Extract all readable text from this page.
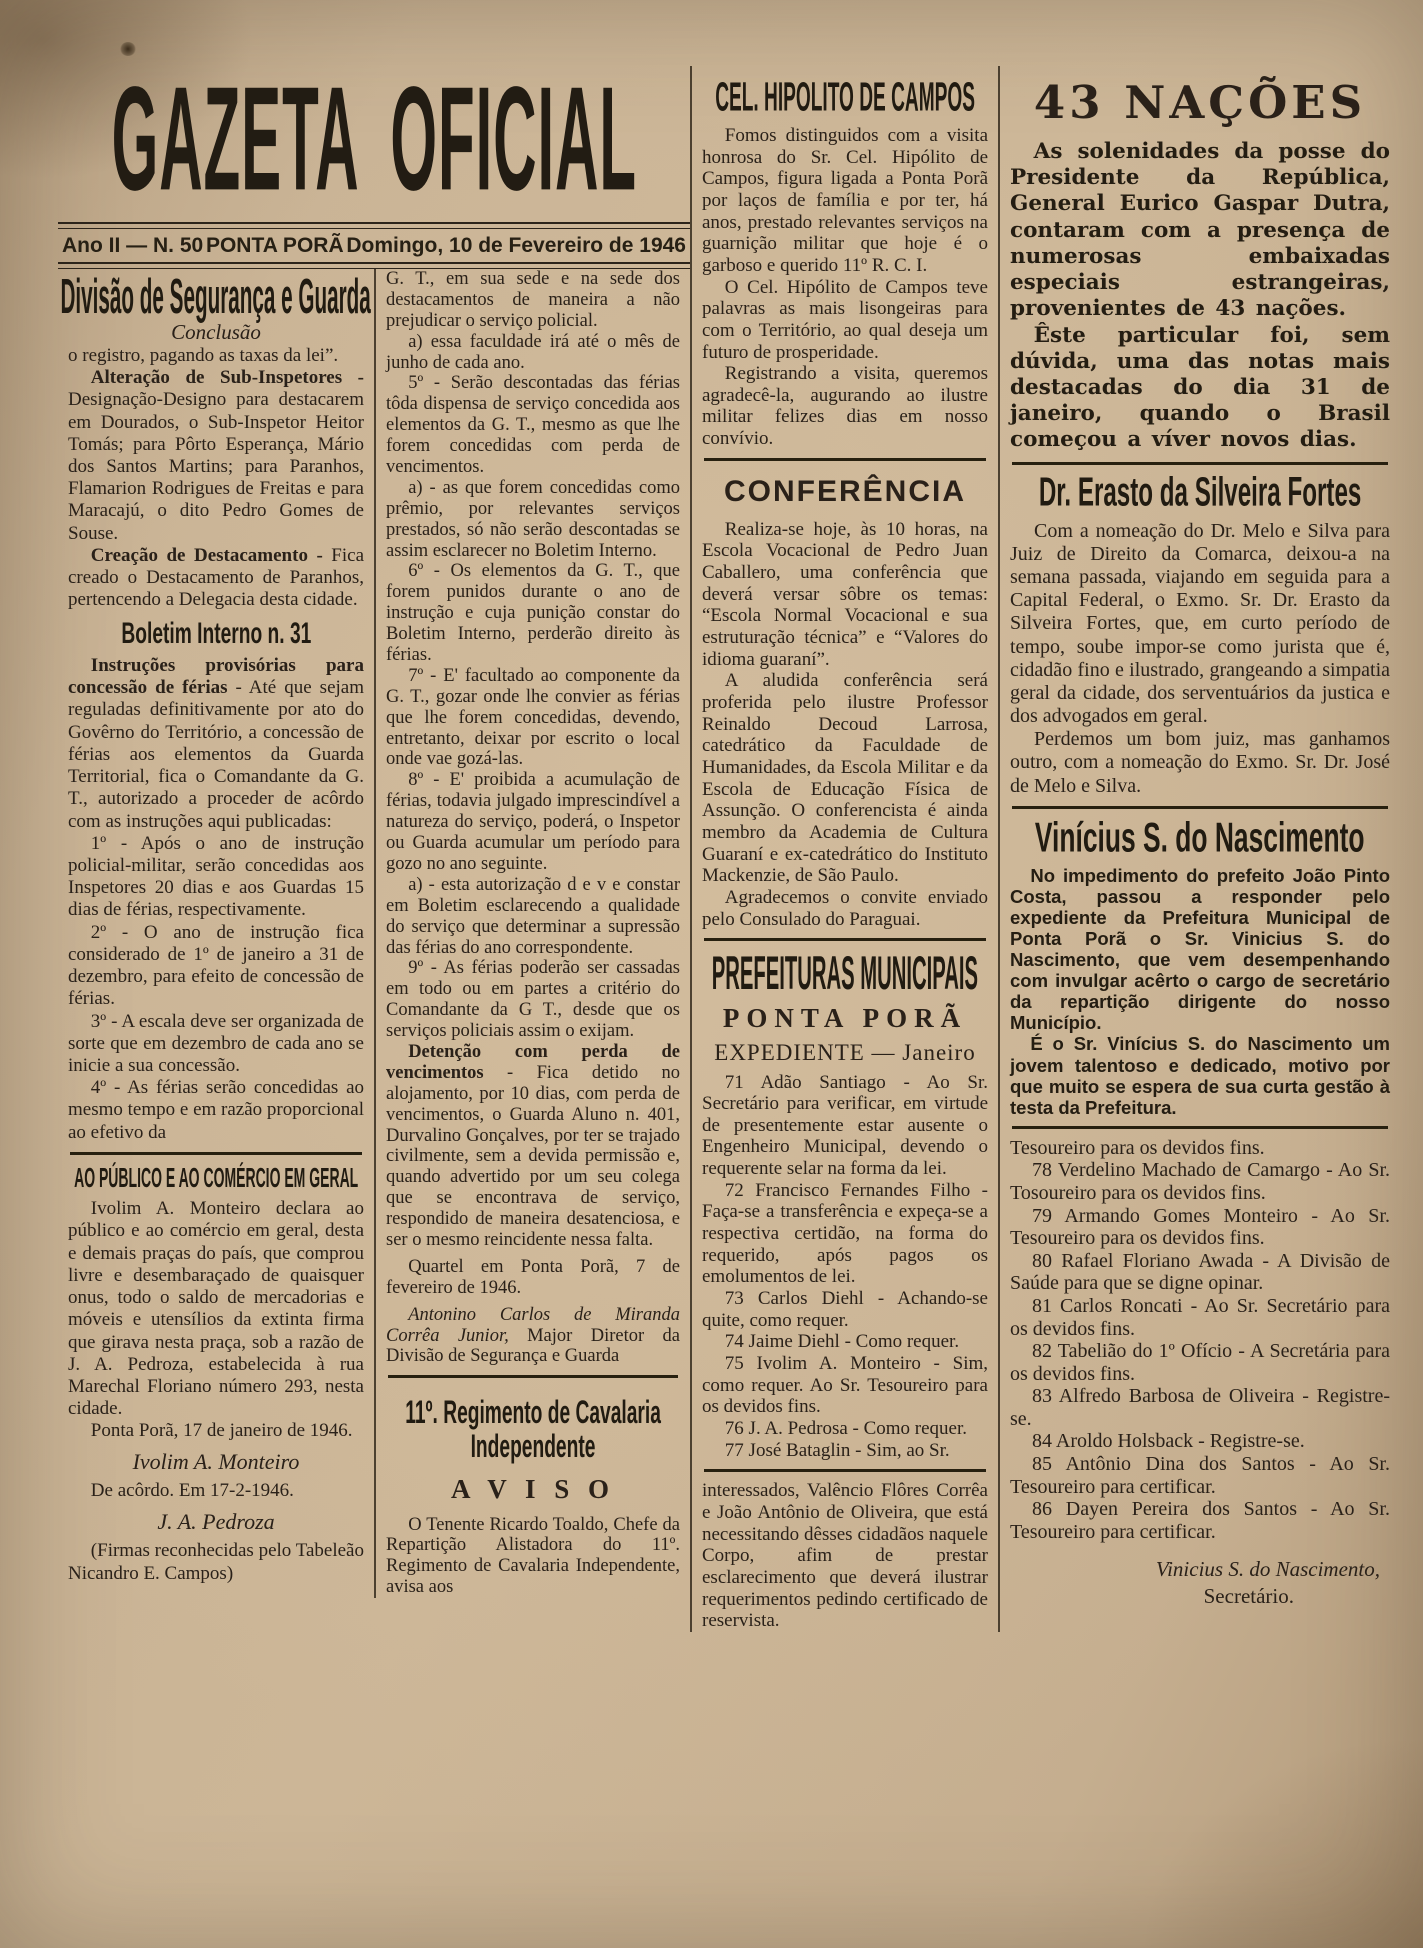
GAZETA OFICIAL
Ano II — N. 50 PONTA PORÃ Domingo, 10 de Fevereiro de 1946
Divisão de Segurança e Guarda

Conclusão

o registro, pagando as taxas da lei”.

Alteração de Sub-Inspetores - Designação-Designo para destacarem em Dourados, o Sub-Inspetor Heitor Tomás; para Pôrto Esperança, Mário dos Santos Martins; para Paranhos, Flamarion Rodrigues de Freitas e para Maracajú, o dito Pedro Gomes de Souse.

Creação de Destacamento - Fica creado o Destacamento de Paranhos, pertencendo a Delegacia desta cidade.

Boletim Interno n. 31

Instruções provisórias para concessão de férias - Até que sejam reguladas definitivamente por ato do Govêrno do Território, a concessão de férias aos elementos da Guarda Territorial, fica o Comandante da G. T., autorizado a proceder de acôrdo com as instruções aqui publicadas:

1º - Após o ano de instrução policial-militar, serão concedidas aos Inspetores 20 dias e aos Guardas 15 dias de férias, respectivamente.

2º - O ano de instrução fica considerado de 1º de janeiro a 31 de dezembro, para efeito de concessão de férias.

3º - A escala deve ser organizada de sorte que em dezembro de cada ano se inicie a sua concessão.

4º - As férias serão concedidas ao mesmo tempo e em razão proporcional ao efetivo da

AO PÚBLICO E AO COMÉRCIO EM GERAL

Ivolim A. Monteiro declara ao público e ao comércio em geral, desta e demais praças do país, que comprou livre e desembaraçado de quaisquer onus, todo o saldo de mercadorias e móveis e utensílios da extinta firma que girava nesta praça, sob a razão de J. A. Pedroza, estabelecida à rua Marechal Floriano número 293, nesta cidade.

Ponta Porã, 17 de janeiro de 1946.

Ivolim A. Monteiro

De acôrdo. Em 17-2-1946.

J. A. Pedroza

(Firmas reconhecidas pelo Tabeleão Nicandro E. Campos)

G. T., em sua sede e na sede dos destacamentos de maneira a não prejudicar o serviço policial.

a) essa faculdade irá até o mês de junho de cada ano.

5º - Serão descontadas das férias tôda dispensa de serviço concedida aos elementos da G. T., mesmo as que lhe forem concedidas com perda de vencimentos.

a) - as que forem concedidas como prêmio, por relevantes serviços prestados, só não serão descontadas se assim esclarecer no Boletim Interno.

6º - Os elementos da G. T., que forem punidos durante o ano de instrução e cuja punição constar do Boletim Interno, perderão direito às férias.

7º - E' facultado ao componente da G. T., gozar onde lhe convier as férias que lhe forem concedidas, devendo, entretanto, deixar por escrito o local onde vae gozá-las.

8º - E' proibida a acumulação de férias, todavia julgado imprescindível a natureza do serviço, poderá, o Inspetor ou Guarda acumular um período para gozo no ano seguinte.

a) - esta autorização d e v e constar em Boletim esclarecendo a qualidade do serviço que determinar a supressão das férias do ano correspondente.

9º - As férias poderão ser cassadas em todo ou em partes a critério do Comandante da G T., desde que os serviços policiais assim o exijam.

Detenção com perda de vencimentos - Fica detido no alojamento, por 10 dias, com perda de vencimentos, o Guarda Aluno n. 401, Durvalino Gonçalves, por ter se trajado civilmente, sem a devida permissão e, quando advertido por um seu colega que se encontrava de serviço, respondido de maneira desatenciosa, e ser o mesmo reincidente nessa falta.

Quartel em Ponta Porã, 7 de fevereiro de 1946.

Antonino Carlos de Miranda Corrêa Junior, Major Diretor da Divisão de Segurança e Guarda

11º. Regimento de Cavalaria
Independente
A V I S O

O Tenente Ricardo Toaldo, Chefe da Repartição Alistadora do 11º. Regimento de Cavalaria Independente, avisa aos

CEL. HIPOLITO DE CAMPOS

Fomos distinguidos com a visita honrosa do Sr. Cel. Hipólito de Campos, figura ligada a Ponta Porã por laços de família e por ter, há anos, prestado relevantes serviços na guarnição militar que hoje é o garboso e querido 11º R. C. I.

O Cel. Hipólito de Campos teve palavras as mais lisongeiras para com o Território, ao qual deseja um futuro de prosperidade.

Registrando a visita, queremos agradecê-la, augurando ao ilustre militar felizes dias em nosso convívio.

CONFERÊNCIA

Realiza-se hoje, às 10 horas, na Escola Vocacional de Pedro Juan Caballero, uma conferência que deverá versar sôbre os temas: “Escola Normal Vocacional e sua estruturação técnica” e “Valores do idioma guaraní”.

A aludida conferência será proferida pelo ilustre Professor Reinaldo Decoud Larrosa, catedrático da Faculdade de Humanidades, da Escola Militar e da Escola de Educação Física de Assunção. O conferencista é ainda membro da Academia de Cultura Guaraní e ex-catedrático do Instituto Mackenzie, de São Paulo.

Agradecemos o convite enviado pelo Consulado do Paraguai.

PREFEITURAS MUNICIPAIS
PONTA PORÃ
EXPEDIENTE — Janeiro

71 Adão Santiago - Ao Sr. Secretário para verificar, em virtude de presentemente estar ausente o Engenheiro Municipal, devendo o requerente selar na forma da lei.

72 Francisco Fernandes Filho - Faça-se a transferência e expeça-se a respectiva certidão, na forma do requerido, após pagos os emolumentos de lei.

73 Carlos Diehl - Achando-se quite, como requer.

74 Jaime Diehl - Como requer.

75 Ivolim A. Monteiro - Sim, como requer. Ao Sr. Tesoureiro para os devidos fins.

76 J. A. Pedrosa - Como requer.

77 José Bataglin - Sim, ao Sr.

interessados, Valêncio Flôres Corrêa e João Antônio de Oliveira, que está necessitando dêsses cidadãos naquele Corpo, afim de prestar esclarecimento que deverá ilustrar requerimentos pedindo certificado de reservista.

43 NAÇÕES

As solenidades da posse do Presidente da República, General Eurico Gaspar Dutra, contaram com a presença de numerosas embaixadas especiais estrangeiras, provenientes de 43 nações.

Êste particular foi, sem dúvida, uma das notas mais destacadas do dia 31 de janeiro, quando o Brasil começou a víver novos dias.

Dr. Erasto da Silveira Fortes

Com a nomeação do Dr. Melo e Silva para Juiz de Direito da Comarca, deixou-a na semana passada, viajando em seguida para a Capital Federal, o Exmo. Sr. Dr. Erasto da Silveira Fortes, que, em curto período de tempo, soube impor-se como jurista que é, cidadão fino e ilustrado, grangeando a simpatia geral da cidade, dos serventuários da justica e dos advogados em geral.

Perdemos um bom juiz, mas ganhamos outro, com a nomeação do Exmo. Sr. Dr. José de Melo e Silva.

Vinícius S. do Nascimento

No impedimento do prefeito João Pinto Costa, passou a responder pelo expediente da Prefeitura Municipal de Ponta Porã o Sr. Vinicius S. do Nascimento, que vem desempenhando com invulgar acêrto o cargo de secretário da repartição dirigente do nosso Município.

É o Sr. Vinícius S. do Nascimento um jovem talentoso e dedicado, motivo por que muito se espera de sua curta gestão à testa da Prefeitura.

Tesoureiro para os devidos fins.

78 Verdelino Machado de Camargo - Ao Sr. Tosoureiro para os devidos fins.

79 Armando Gomes Monteiro - Ao Sr. Tesoureiro para os devidos fins.

80 Rafael Floriano Awada - A Divisão de Saúde para que se digne opinar.

81 Carlos Roncati - Ao Sr. Secretário para os devidos fins.

82 Tabelião do 1º Ofício - A Secretária para os devidos fins.

83 Alfredo Barbosa de Oliveira - Registre-se.

84 Aroldo Holsback - Registre-se.

85 Antônio Dina dos Santos - Ao Sr. Tesoureiro para certificar.

86 Dayen Pereira dos Santos - Ao Sr. Tesoureiro para certificar.

Vinicius S. do Nascimento,

Secretário.
